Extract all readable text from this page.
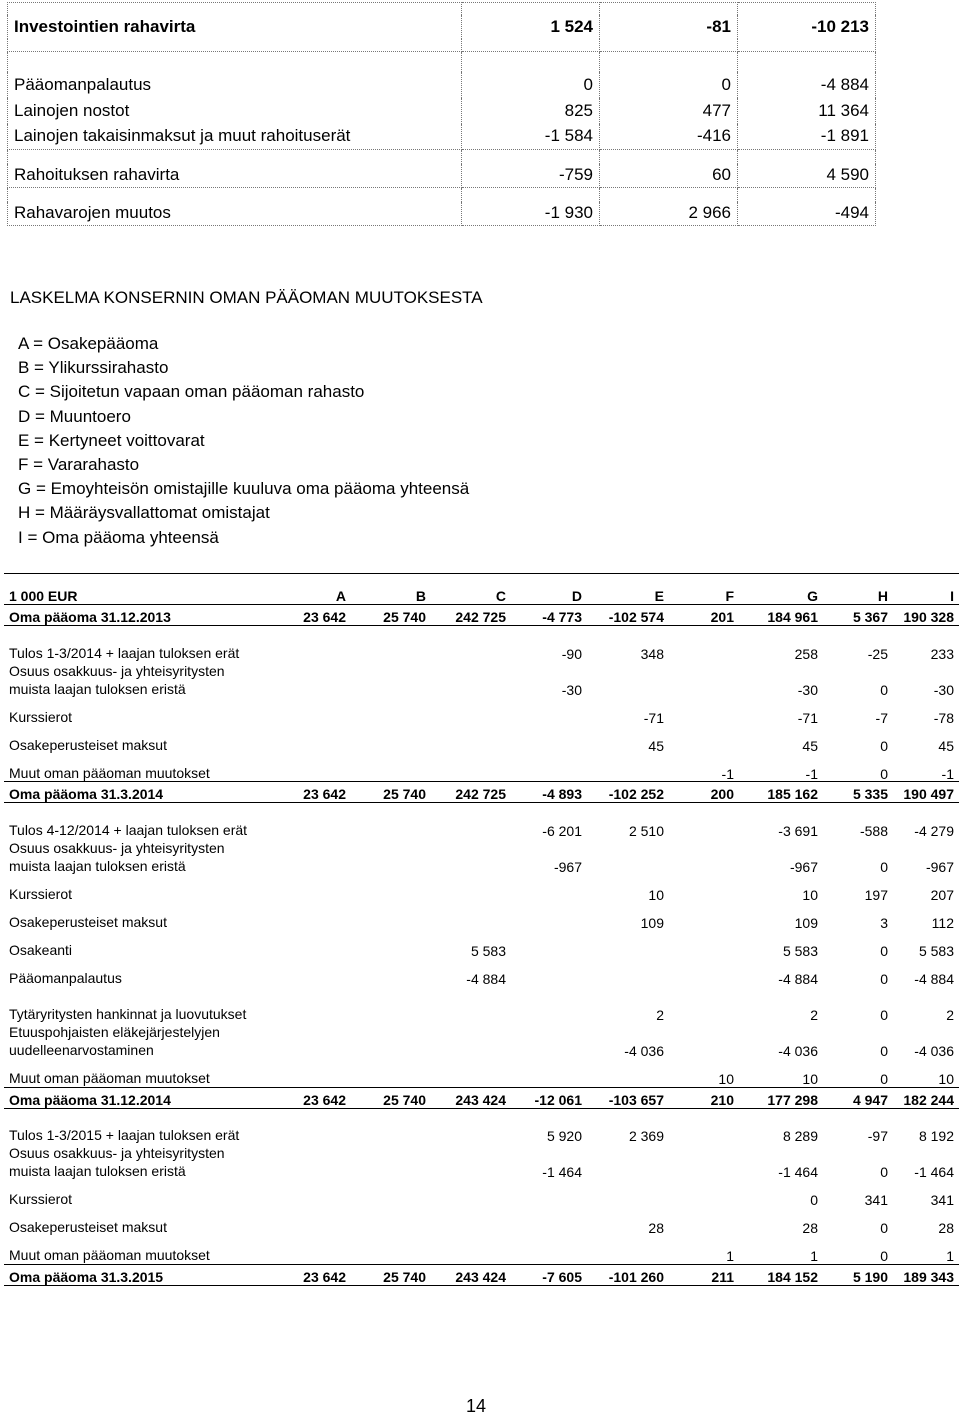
Investointien rahavirta	1 524	-81	-10 213

Pääomanpalautus	0	0	-4 884
Lainojen nostot	825	477	11 364
Lainojen takaisinmaksut ja muut rahoituserät	-1 584	-416	-1 891

Rahoituksen rahavirta	-759	60	4 590

Rahavarojen muutos	-1 930	2 966	-494
LASKELMA KONSERNIN OMAN PÄÄOMAN MUUTOKSESTA
A = Osakepääoma
B = Ylikurssirahasto
C = Sijoitetun vapaan oman pääoman rahasto
D = Muuntoero
E = Kertyneet voittovarat
F = Vararahasto
G = Emoyhteisön omistajille kuuluva oma pääoma yhteensä
H = Määräysvallattomat omistajat
I = Oma pääoma yhteensä
1 000 EUR	A	B	C	D	E	F	G	H	I

Oma pääoma 31.12.2013	23 642	25 740	242 725	-4 773	-102 574	201	184 961	5 367	190 328

Tulos 1-3/2014 + laajan tuloksen erät				-90	348		258	-25	233
Osuus osakkuus- ja yhteisyritysten muista laajan tuloksen eristä				-30			-30	0	-30
Kurssierot					-71		-71	-7	-78
Osakeperusteiset maksut					45		45	0	45
Muut oman pääoman muutokset						-1	-1	0	-1

Oma pääoma 31.3.2014	23 642	25 740	242 725	-4 893	-102 252	200	185 162	5 335	190 497
Tulos 4-12/2014 + laajan tuloksen erät				-6 201	2 510		-3 691	-588	-4 279
Osuus osakkuus- ja yhteisyritysten muista laajan tuloksen eristä				-967			-967	0	-967
Kurssierot					10		10	197	207
Osakeperusteiset maksut					109		109	3	112
Osakeanti			5 583				5 583	0	5 583
Pääomanpalautus			-4 884				-4 884	0	-4 884
Tytäryritysten hankinnat ja luovutukset					2		2	0	2
Etuuspohjaisten eläkejärjestelyjen uudelleenarvostaminen					-4 036		-4 036	0	-4 036
Muut oman pääoman muutokset						10	10	0	10

Oma pääoma 31.12.2014	23 642	25 740	243 424	-12 061	-103 657	210	177 298	4 947	182 244

Tulos 1-3/2015 + laajan tuloksen erät				5 920	2 369		8 289	-97	8 192
Osuus osakkuus- ja yhteisyritysten muista laajan tuloksen eristä				-1 464			-1 464	0	-1 464
Kurssierot							0	341	341
Osakeperusteiset maksut					28		28	0	28
Muut oman pääoman muutokset						1	1	0	1

Oma pääoma 31.3.2015	23 642	25 740	243 424	-7 605	-101 260	211	184 152	5 190	189 343
14
